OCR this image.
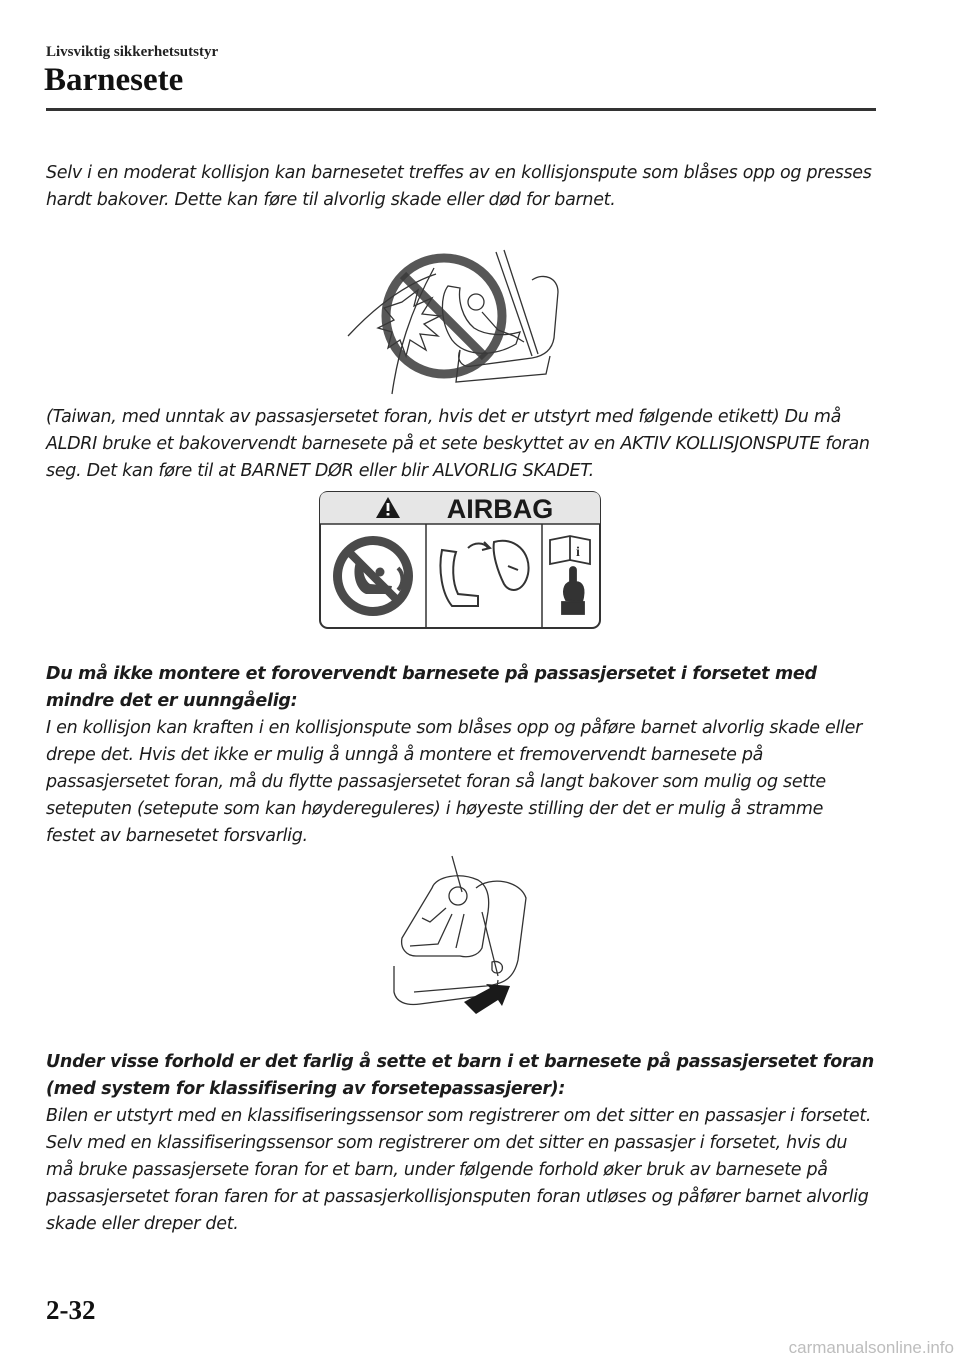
Livsviktig sikkerhetsutstyr
Barnesete

Selv i en moderat kollisjon kan barnesetet treffes av en kollisjonspute som blåses opp og presses hardt bakover. Dette kan føre til alvorlig skade eller død for barnet.

(Taiwan, med unntak av passasjersetet foran, hvis det er utstyrt med følgende etikett) Du må ALDRI bruke et bakovervendt barnesete på et sete beskyttet av en AKTIV KOLLISJONSPUTE foran seg. Det kan føre til at BARNET DØR eller blir ALVORLIG SKADET.

i
AIRBAG

Du må ikke montere et forovervendt barnesete på passasjersetet i forsetet med mindre det er uunngåelig:
I en kollisjon kan kraften i en kollisjonspute som blåses opp og påføre barnet alvorlig skade eller drepe det. Hvis det ikke er mulig å unngå å montere et fremovervendt barnesete på passasjersetet foran, må du flytte passasjersetet foran så langt bakover som mulig og sette seteputen (setepute som kan høydereguleres) i høyeste stilling der det er mulig å stramme festet av barnesetet forsvarlig.

Under visse forhold er det farlig å sette et barn i et barnesete på passasjersetet foran (med system for klassifisering av forsetepassasjerer):
Bilen er utstyrt med en klassifiseringssensor som registrerer om det sitter en passasjer i forsetet. Selv med en klassifiseringssensor som registrerer om det sitter en passasjer i forsetet, hvis du må bruke passasjersete foran for et barn, under følgende forhold øker bruk av barnesete på passasjersetet foran faren for at passasjerkollisjonsputen foran utløses og påfører barnet alvorlig skade eller dreper det.

2-32
carmanualsonline.info
